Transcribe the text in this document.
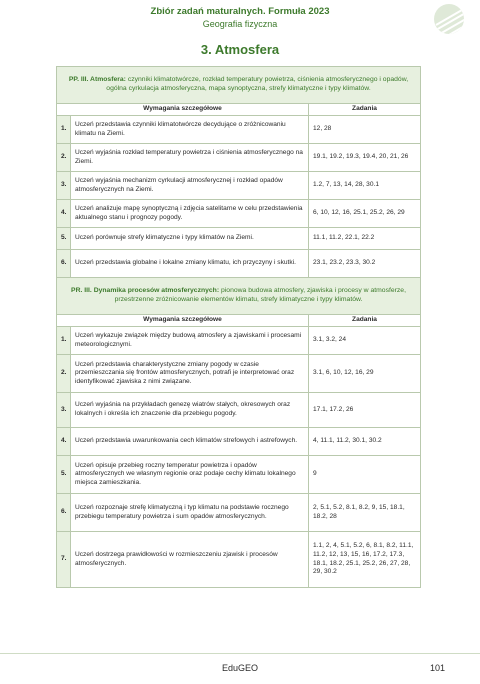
Zbiór zadań maturalnych. Formuła 2023
Geografia fizyczna
3. Atmosfera
PP. III. Atmosfera: czynniki klimatotwórcze, rozkład temperatury powietrza, ciśnienia atmosferycznego i opadów, ogólna cyrkulacja atmosferyczna, mapa synoptyczna, strefy klimatyczne i typy klimatów.		
Wymagania szczegółowe		Zadania
1.	Uczeń przedstawia czynniki klimatotwórcze decydujące o zróżnicowaniu klimatu na Ziemi.	12, 28
2.	Uczeń wyjaśnia rozkład temperatury powietrza i ciśnienia atmosferycznego na Ziemi.	19.1, 19.2, 19.3, 19.4, 20, 21, 26
3.	Uczeń wyjaśnia mechanizm cyrkulacji atmosferycznej i rozkład opadów atmosferycznych na Ziemi.	1.2, 7, 13, 14, 28, 30.1
4.	Uczeń analizuje mapę synoptyczną i zdjęcia satelitarne w celu przedstawienia aktualnego stanu i prognozy pogody.	6, 10, 12, 16, 25.1, 25.2, 26, 29
5.	Uczeń porównuje strefy klimatyczne i typy klimatów na Ziemi.	11.1, 11.2, 22.1, 22.2
6.	Uczeń przedstawia globalne i lokalne zmiany klimatu, ich przyczyny i skutki.	23.1, 23.2, 23.3, 30.2
PR. III. Dynamika procesów atmosferycznych: pionowa budowa atmosfery, zjawiska i procesy w atmosferze, przestrzenne zróżnicowanie elementów klimatu, strefy klimatyczne i typy klimatów.		
Wymagania szczegółowe		Zadania
1.	Uczeń wykazuje związek między budową atmosfery a zjawiskami i procesami meteorologicznymi.	3.1, 3.2, 24
2.	Uczeń przedstawia charakterystyczne zmiany pogody w czasie przemieszczania się frontów atmosferycznych, potrafi je interpretować oraz identyfikować zjawiska z nimi związane.	3.1, 6, 10, 12, 16, 29
3.	Uczeń wyjaśnia na przykładach genezę wiatrów stałych, okresowych oraz lokalnych i określa ich znaczenie dla przebiegu pogody.	17.1, 17.2, 26
4.	Uczeń przedstawia uwarunkowania cech klimatów strefowych i astrefowych.	4, 11.1, 11.2, 30.1, 30.2
5.	Uczeń opisuje przebieg roczny temperatur powietrza i opadów atmosferycznych we własnym regionie oraz podaje cechy klimatu lokalnego miejsca zamieszkania.	9
6.	Uczeń rozpoznaje strefę klimatyczną i typ klimatu na podstawie rocznego przebiegu temperatury powietrza i sum opadów atmosferycznych.	2, 5.1, 5.2, 8.1, 8.2, 9, 15, 18.1, 18.2, 28
7.	Uczeń dostrzega prawidłowości w rozmieszczeniu zjawisk i procesów atmosferycznych.	1.1, 2, 4, 5.1, 5.2, 6, 8.1, 8.2, 11.1, 11.2, 12, 13, 15, 16, 17.2, 17.3, 18.1, 18.2, 25.1, 25.2, 26, 27, 28, 29, 30.2
EduGEO	101
